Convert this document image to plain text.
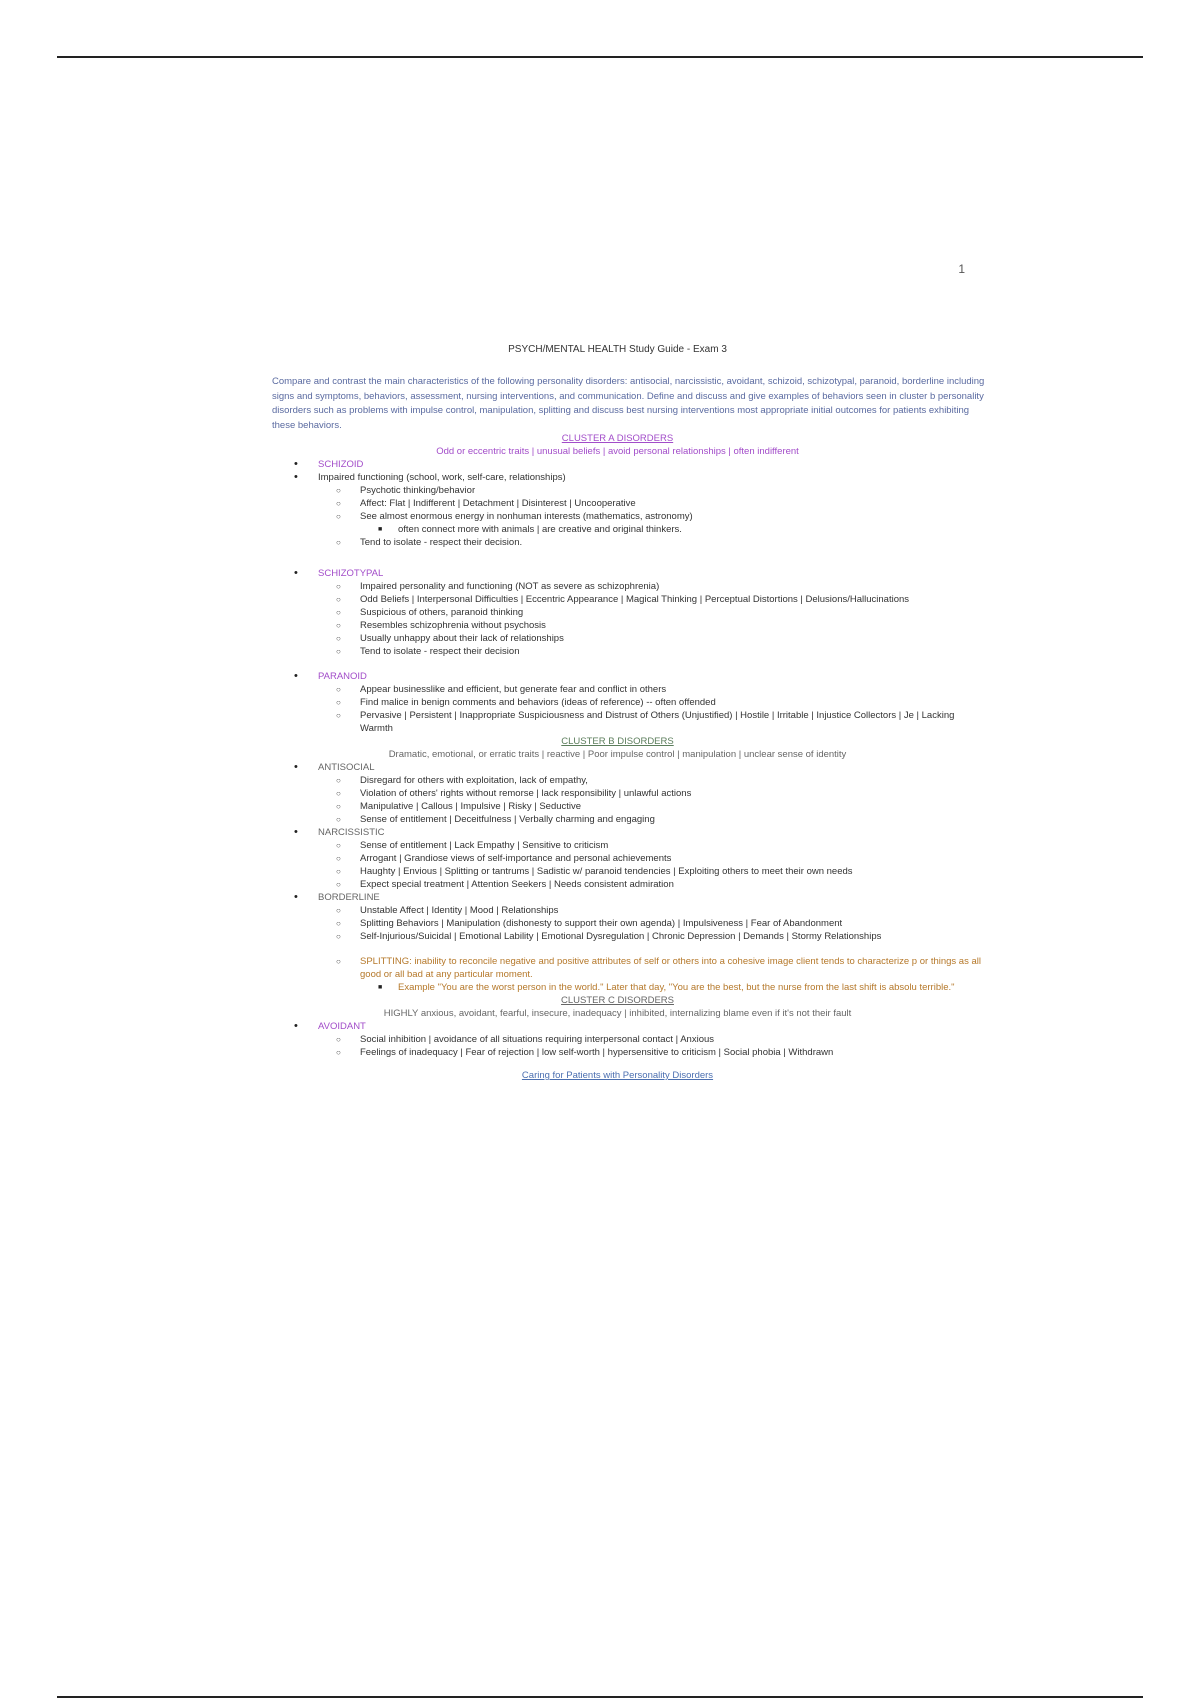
1
PSYCH/MENTAL HEALTH Study Guide - Exam 3
Compare and contrast the main characteristics of the following personality disorders: antisocial, narcissistic, avoidant, schizoid, schizotypal, paranoid, borderline including signs and symptoms, behaviors, assessment, nursing interventions, and communication. Define and discuss and give examples of behaviors seen in cluster b personality disorders such as problems with impulse control, manipulation, splitting and discuss best nursing interventions most appropriate initial outcomes for patients exhibiting these behaviors.
CLUSTER A DISORDERS
Odd or eccentric traits | unusual beliefs | avoid personal relationships | often indifferent
• SCHIZOID
• Impaired functioning (school, work, self-care, relationships)
○ Psychotic thinking/behavior
○ Affect: Flat | Indifferent | Detachment | Disinterest | Uncooperative
○ See almost enormous energy in nonhuman interests (mathematics, astronomy)
■ often connect more with animals | are creative and original thinkers.
○ Tend to isolate - respect their decision.
• SCHIZOTYPAL
○ Impaired personality and functioning (NOT as severe as schizophrenia)
○ Odd Beliefs | Interpersonal Difficulties | Eccentric Appearance | Magical Thinking | Perceptual Distortions | Delusions/Hallucinations
○ Suspicious of others, paranoid thinking
○ Resembles schizophrenia without psychosis
○ Usually unhappy about their lack of relationships
○ Tend to isolate - respect their decision
• PARANOID
○ Appear businesslike and efficient, but generate fear and conflict in others
○ Find malice in benign comments and behaviors (ideas of reference) -- often offended
○ Pervasive | Persistent | Inappropriate Suspiciousness and Distrust of Others (Unjustified) | Hostile | Irritable | Injustice Collectors | Je | Lacking Warmth
CLUSTER B DISORDERS
Dramatic, emotional, or erratic traits | reactive | Poor impulse control | manipulation | unclear sense of identity
• ANTISOCIAL
○ Disregard for others with exploitation, lack of empathy,
○ Violation of others' rights without remorse | lack responsibility | unlawful actions
○ Manipulative | Callous | Impulsive | Risky | Seductive
○ Sense of entitlement | Deceitfulness | Verbally charming and engaging
• NARCISSISTIC
○ Sense of entitlement | Lack Empathy | Sensitive to criticism
○ Arrogant | Grandiose views of self-importance and personal achievements
○ Haughty | Envious | Splitting or tantrums | Sadistic w/ paranoid tendencies | Exploiting others to meet their own needs
○ Expect special treatment | Attention Seekers | Needs consistent admiration
• BORDERLINE
○ Unstable Affect | Identity | Mood | Relationships
○ Splitting Behaviors | Manipulation (dishonesty to support their own agenda) | Impulsiveness | Fear of Abandonment
○ Self-Injurious/Suicidal | Emotional Lability | Emotional Dysregulation | Chronic Depression | Demands | Stormy Relationships
○ SPLITTING: inability to reconcile negative and positive attributes of self or others into a cohesive image client tends to characterize p or things as all good or all bad at any particular moment.
■ Example "You are the worst person in the world." Later that day, "You are the best, but the nurse from the last shift is absolu terrible."
CLUSTER C DISORDERS
HIGHLY anxious, avoidant, fearful, insecure, inadequacy | inhibited, internalizing blame even if it's not their fault
• AVOIDANT
○ Social inhibition | avoidance of all situations requiring interpersonal contact | Anxious
○ Feelings of inadequacy | Fear of rejection | low self-worth | hypersensitive to criticism | Social phobia | Withdrawn
Caring for Patients with Personality Disorders
